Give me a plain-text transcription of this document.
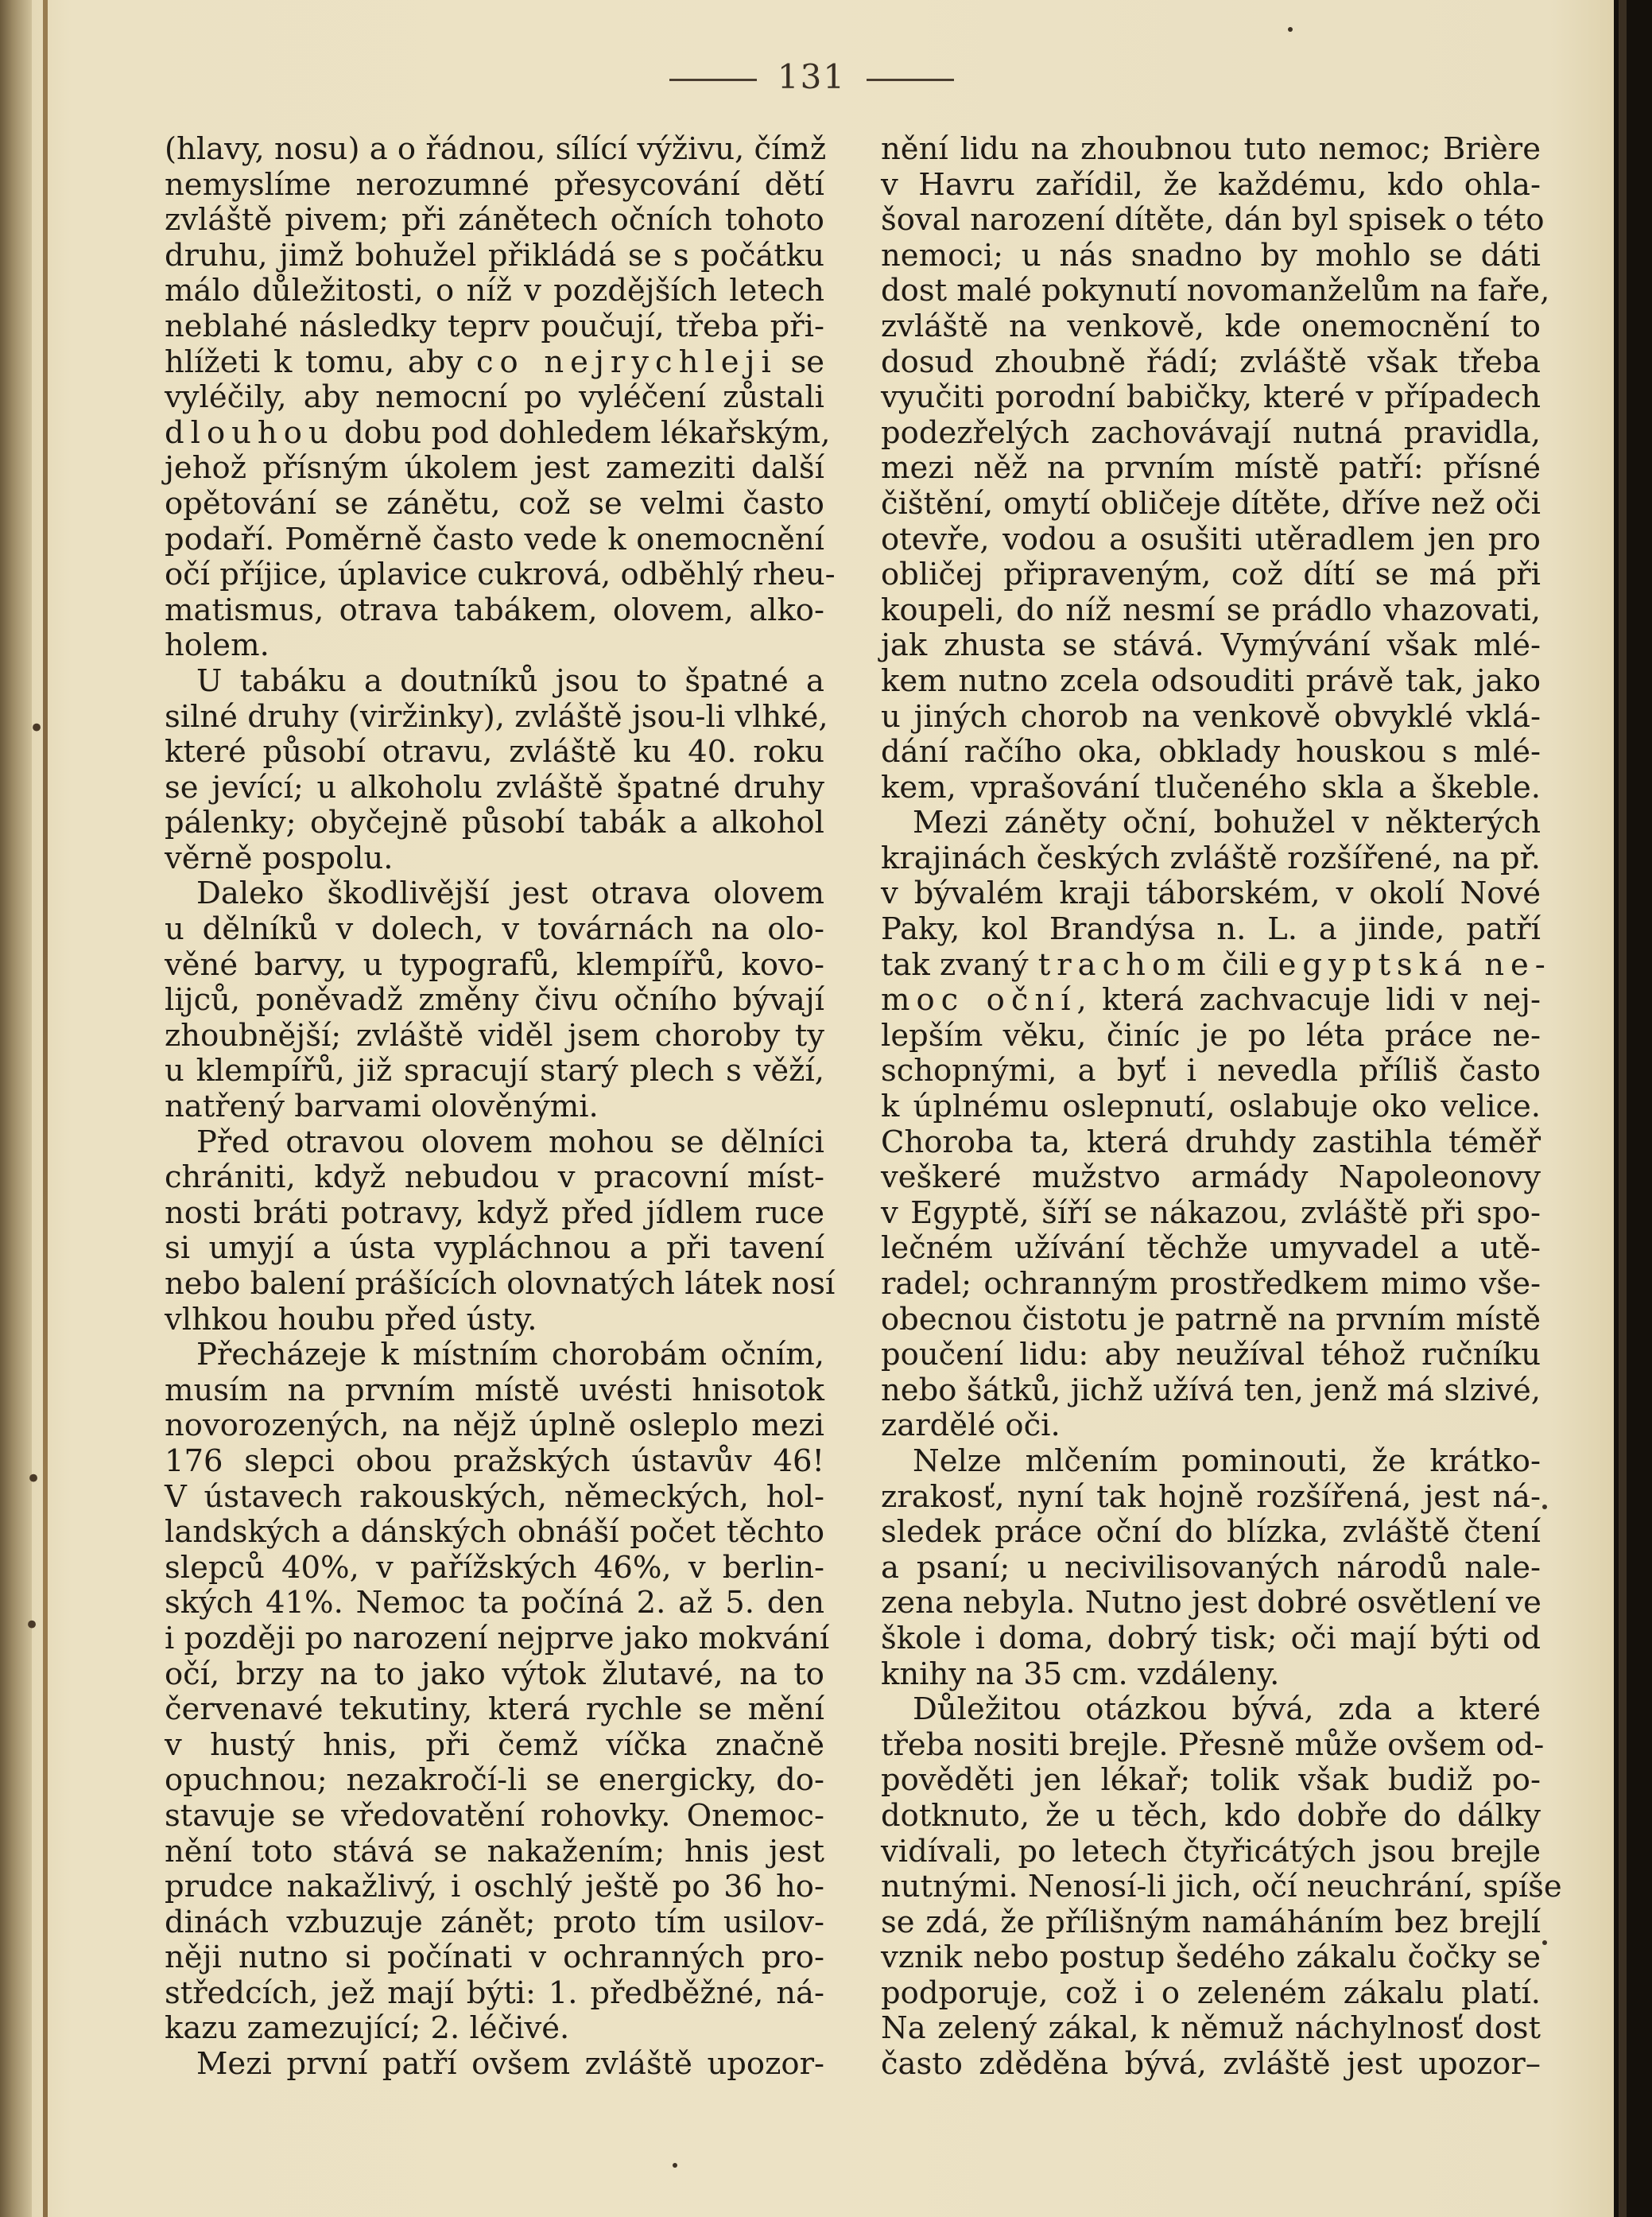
•
•
•
131
(hlavy, nosu) a o řádnou, sílící výživu, čímž
nemyslíme nerozumné přesycování dětí
zvláště pivem; při zánětech očních tohoto
druhu, jimž bohužel přikládá se s počátku
málo důležitosti, o níž v pozdějších letech
neblahé následky teprv poučují, třeba při-
hlížeti k tomu, aby co nejrychleji se
vyléčily, aby nemocní po vyléčení zůstali
dlouhou dobu pod dohledem lékařským,
jehož přísným úkolem jest zameziti další
opětování se zánětu, což se velmi často
podaří. Poměrně často vede k onemocnění
očí příjice, úplavice cukrová, odběhlý rheu-
matismus, otrava tabákem, olovem, alko-
holem.
U tabáku a doutníků jsou to špatné a
silné druhy (viržinky), zvláště jsou-li vlhké,
které působí otravu, zvláště ku 40. roku
se jevící; u alkoholu zvláště špatné druhy
pálenky; obyčejně působí tabák a alkohol
věrně pospolu.
Daleko škodlivější jest otrava olovem
u dělníků v dolech, v továrnách na olo-
věné barvy, u typografů, klempířů, kovo-
lijců, poněvadž změny čivu očního bývají
zhoubnější; zvláště viděl jsem choroby ty
u klempířů, již spracují starý plech s věží,
natřený barvami olověnými.
Před otravou olovem mohou se dělníci
chrániti, když nebudou v pracovní míst-
nosti bráti potravy, když před jídlem ruce
si umyjí a ústa vypláchnou a při tavení
nebo balení prášících olovnatých látek nosí
vlhkou houbu před ústy.
Přecházeje k místním chorobám očním,
musím na prvním místě uvésti hnisotok
novorozených, na nějž úplně osleplo mezi
176 slepci obou pražských ústavův 46!
V ústavech rakouských, německých, hol-
landských a dánských obnáší počet těchto
slepců 40%, v pařížských 46%, v berlin-
ských 41%. Nemoc ta počíná 2. až 5. den
i později po narození nejprve jako mokvání
očí, brzy na to jako výtok žlutavé, na to
červenavé tekutiny, která rychle se mění
v hustý hnis, při čemž víčka značně
opuchnou; nezakročí-li se energicky, do-
stavuje se vředovatění rohovky. Onemoc-
nění toto stává se nakažením; hnis jest
prudce nakažlivý, i oschlý ještě po 36 ho-
dinách vzbuzuje zánět; proto tím usilov-
něji nutno si počínati v ochranných pro-
středcích, jež mají býti: 1. předběžné, ná-
kazu zamezující; 2. léčivé.
Mezi první patří ovšem zvláště upozor-
nění lidu na zhoubnou tuto nemoc; Brière
v Havru zařídil, že každému, kdo ohla-
šoval narození dítěte, dán byl spisek o této
nemoci; u nás snadno by mohlo se dáti
dost malé pokynutí novomanželům na faře,
zvláště na venkově, kde onemocnění to
dosud zhoubně řádí; zvláště však třeba
vyučiti porodní babičky, které v případech
podezřelých zachovávají nutná pravidla,
mezi něž na prvním místě patří: přísné
čištění, omytí obličeje dítěte, dříve než oči
otevře, vodou a osušiti utěradlem jen pro
obličej připraveným, což dítí se má při
koupeli, do níž nesmí se prádlo vhazovati,
jak zhusta se stává. Vymývání však mlé-
kem nutno zcela odsouditi právě tak, jako
u jiných chorob na venkově obvyklé vklá-
dání račího oka, obklady houskou s mlé-
kem, vprašování tlučeného skla a škeble.
Mezi záněty oční, bohužel v některých
krajinách českých zvláště rozšířené, na př.
v bývalém kraji táborském, v okolí Nové
Paky, kol Brandýsa n. L. a jinde, patří
tak zvaný trachom čili egyptská ne-
moc oční, která zachvacuje lidi v nej-
lepším věku, činíc je po léta práce ne-
schopnými, a byť i nevedla příliš často
k úplnému oslepnutí, oslabuje oko velice.
Choroba ta, která druhdy zastihla téměř
veškeré mužstvo armády Napoleonovy
v Egyptě, šíří se nákazou, zvláště při spo-
lečném užívání těchže umyvadel a utě-
radel; ochranným prostředkem mimo vše-
obecnou čistotu je patrně na prvním místě
poučení lidu: aby neužíval téhož ručníku
nebo šátků, jichž užívá ten, jenž má slzivé,
zardělé oči.
Nelze mlčením pominouti, že krátko-
zrakosť, nyní tak hojně rozšířená, jest ná-
sledek práce oční do blízka, zvláště čtení
a psaní; u necivilisovaných národů nale-
zena nebyla. Nutno jest dobré osvětlení ve
škole i doma, dobrý tisk; oči mají býti od
knihy na 35 cm. vzdáleny.
Důležitou otázkou bývá, zda a které
třeba nositi brejle. Přesně může ovšem od-
pověděti jen lékař; tolik však budiž po-
dotknuto, že u těch, kdo dobře do dálky
vidívali, po letech čtyřicátých jsou brejle
nutnými. Nenosí-li jich, očí neuchrání, spíše
se zdá, že přílišným namáháním bez brejlí
vznik nebo postup šedého zákalu čočky se
podporuje, což i o zeleném zákalu platí.
Na zelený zákal, k němuž náchylnosť dost
často zděděna bývá, zvláště jest upozor–
